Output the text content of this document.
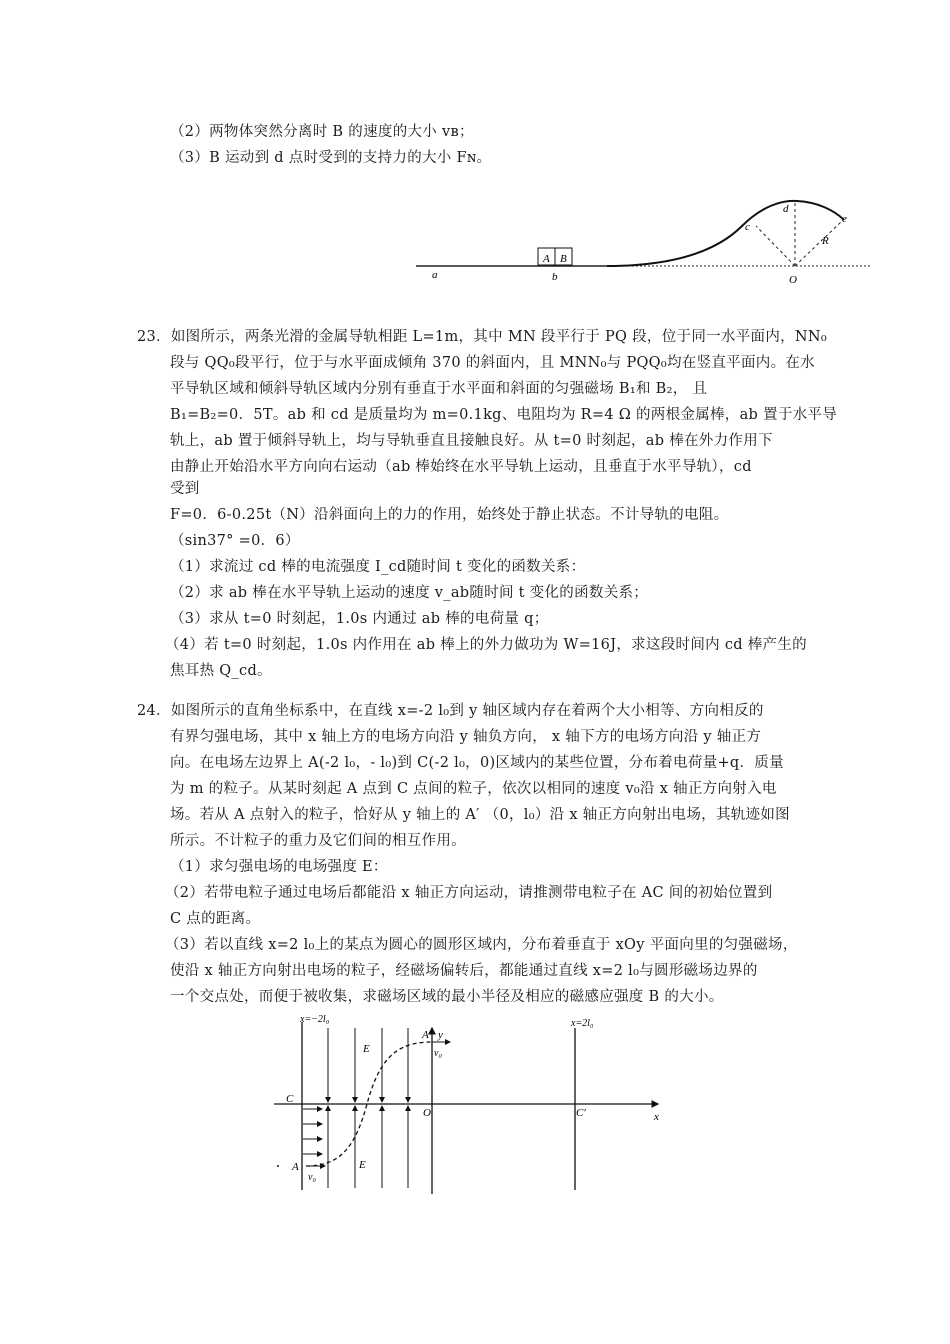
（2）两物体突然分离时 B 的速度的大小 vʙ；
（3）B 运动到 d 点时受到的支持力的大小 Fɴ。
A B
a	b
c
d
e
O
R
23．如图所示，两条光滑的金属导轨相距 L=1m，其中 MN 段平行于 PQ 段，位于同一水平面内，NN₀
段与 QQ₀段平行，位于与水平面成倾角 370 的斜面内，且 MNN₀与 PQQ₀均在竖直平面内。在水
平导轨区域和倾斜导轨区域内分别有垂直于水平面和斜面的匀强磁场 B₁和 B₂， 且
B₁=B₂=0．5T。ab 和 cd 是质量均为 m=0.1kg、电阻均为 R=4 Ω 的两根金属棒，ab 置于水平导
轨上，ab 置于倾斜导轨上，均与导轨垂直且接触良好。从 t=0 时刻起，ab 棒在外力作用下
由静止开始沿水平方向向右运动（ab 棒始终在水平导轨上运动，且垂直于水平导轨），cd
受到
F=0．6-0.25t（N）沿斜面向上的力的作用，始终处于静止状态。不计导轨的电阻。
（sin37° =0．6）
（1）求流过 cd 棒的电流强度 I_cd随时间 t 变化的函数关系：
（2）求 ab 棒在水平导轨上运动的速度 v_ab随时间 t 变化的函数关系；
（3）求从 t=0 时刻起，1.0s 内通过 ab 棒的电荷量 q；
（4）若 t=0 时刻起，1.0s 内作用在 ab 棒上的外力做功为 W=16J，求这段时间内 cd 棒产生的
焦耳热 Q_cd。
24．如图所示的直角坐标系中，在直线 x=-2 l₀到 y 轴区域内存在着两个大小相等、方向相反的
有界匀强电场，其中 x 轴上方的电场方向沿 y 轴负方向， x 轴下方的电场方向沿 y 轴正方
向。在电场左边界上 A(-2 l₀，- l₀)到 C(-2 l₀，0)区域内的某些位置，分布着电荷量+q．质量
为 m 的粒子。从某时刻起 A 点到 C 点间的粒子，依次以相同的速度 v₀沿 x 轴正方向射入电
场。若从 A 点射入的粒子，恰好从 y 轴上的 A′ （0，l₀）沿 x 轴正方向射出电场，其轨迹如图
所示。不计粒子的重力及它们间的相互作用。
（1）求匀强电场的电场强度 E：
（2）若带电粒子通过电场后都能沿 x 轴正方向运动，请推测带电粒子在 AC 间的初始位置到
C 点的距离。
（3）若以直线 x=2 l₀上的某点为圆心的圆形区域内，分布着垂直于 xOy 平面向里的匀强磁场，
使沿 x 轴正方向射出电场的粒子，经磁场偏转后，都能通过直线 x=2 l₀与圆形磁场边界的
一个交点处，而便于被收集，求磁场区域的最小半径及相应的磁感应强度 B 的大小。
x
y
x=−2l₀	x=2l₀
E
E
O
C
C′
A
A′
v₀
v₀
